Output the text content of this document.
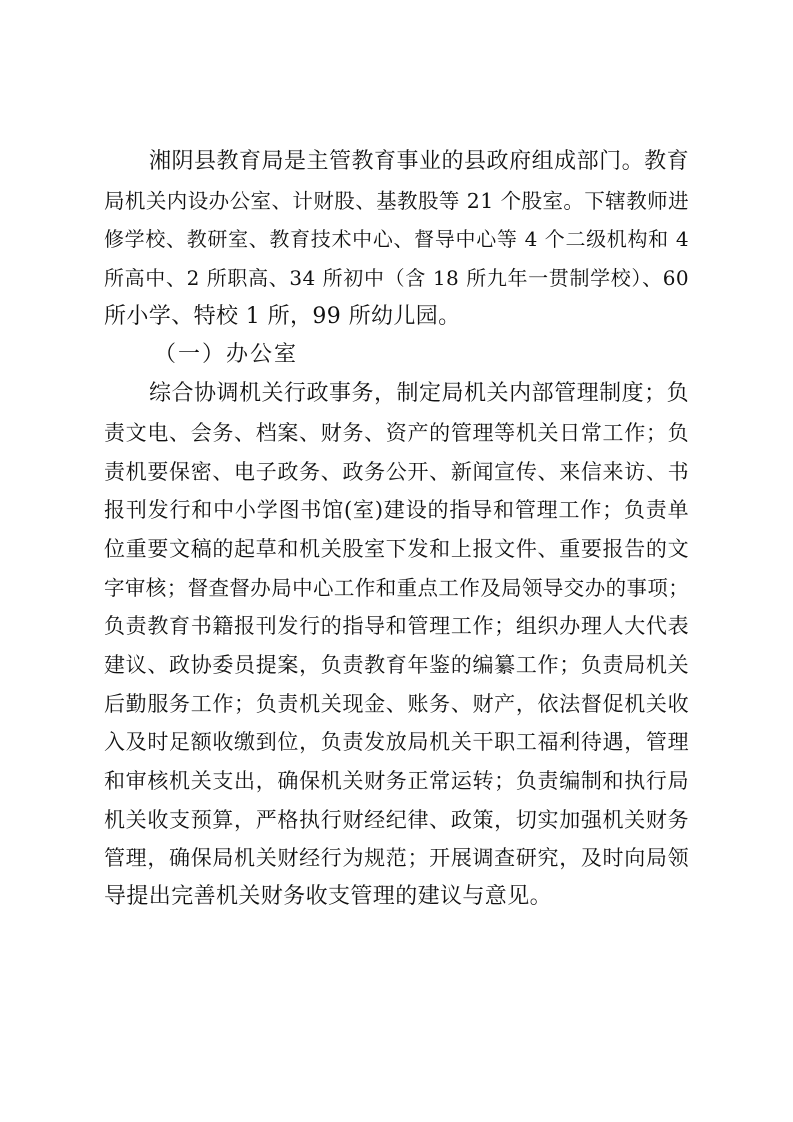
湘阴县教育局是主管教育事业的县政府组成部门。教育
局机关内设办公室、计财股、基教股等 21 个股室。下辖教师进
修学校、教研室、教育技术中心、督导中心等 4 个二级机构和 4
所高中、2 所职高、34 所初中（含 18 所九年一贯制学校）、60
所小学、特校 1 所，99 所幼儿园。
（一）办公室
综合协调机关行政事务，制定局机关内部管理制度；负
责文电、会务、档案、财务、资产的管理等机关日常工作；负
责机要保密、电子政务、政务公开、新闻宣传、来信来访、书
报刊发行和中小学图书馆(室)建设的指导和管理工作；负责单
位重要文稿的起草和机关股室下发和上报文件、重要报告的文
字审核；督查督办局中心工作和重点工作及局领导交办的事项；
负责教育书籍报刊发行的指导和管理工作；组织办理人大代表
建议、政协委员提案，负责教育年鉴的编纂工作；负责局机关
后勤服务工作；负责机关现金、账务、财产，依法督促机关收
入及时足额收缴到位，负责发放局机关干职工福利待遇，管理
和审核机关支出，确保机关财务正常运转；负责编制和执行局
机关收支预算，严格执行财经纪律、政策，切实加强机关财务
管理，确保局机关财经行为规范；开展调查研究，及时向局领
导提出完善机关财务收支管理的建议与意见。
